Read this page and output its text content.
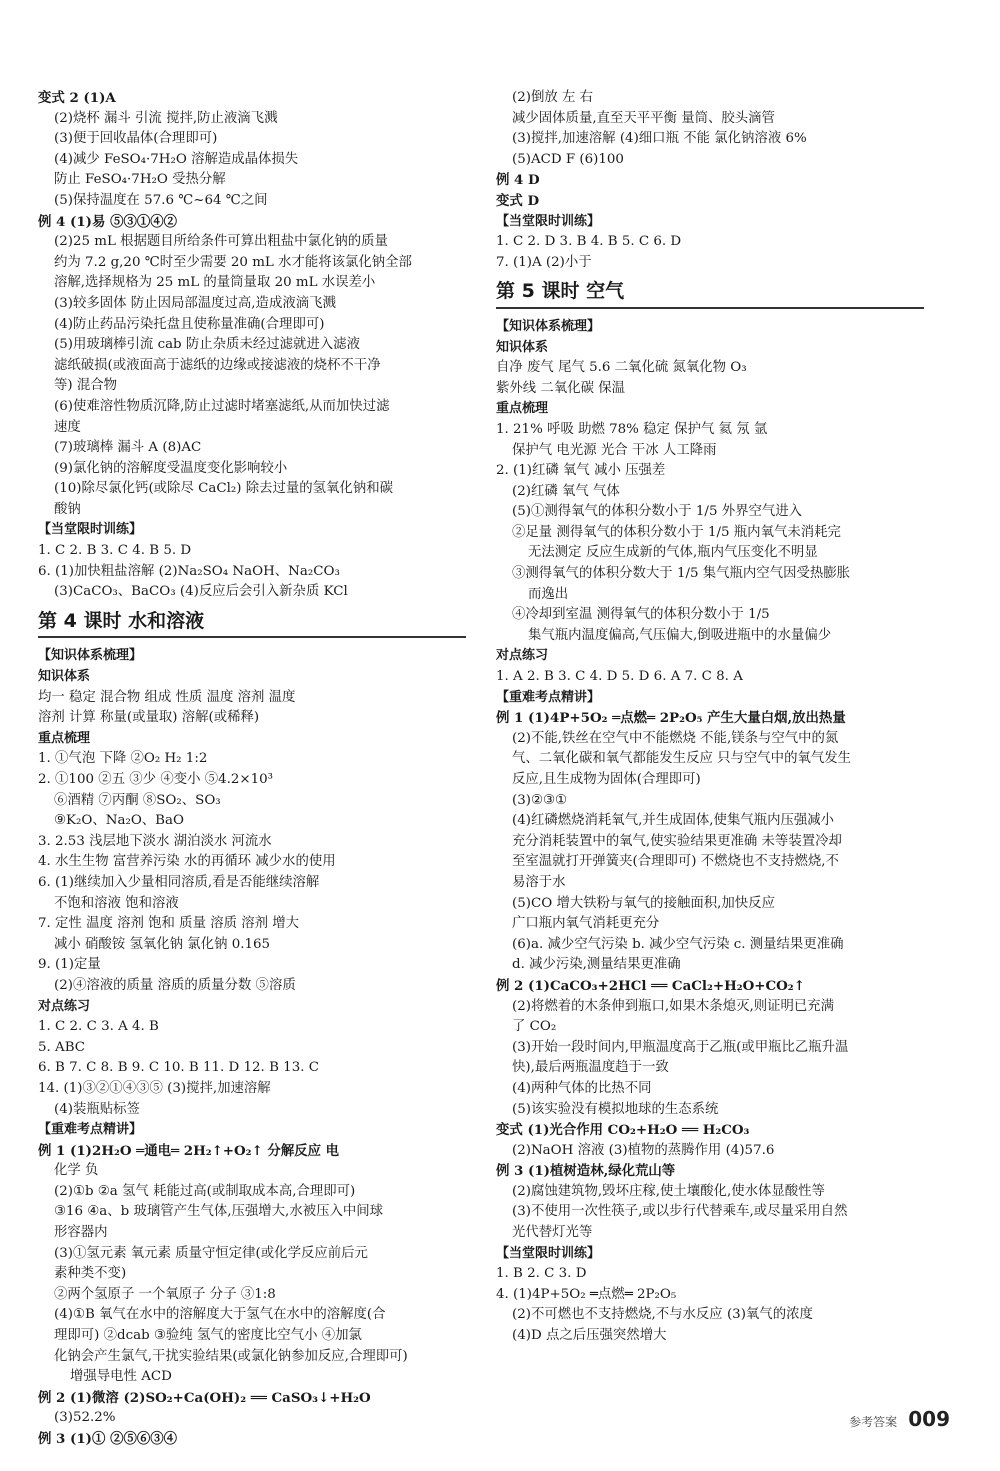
变式 2 (1)A
(2)烧杯 漏斗 引流 搅拌,防止液滴飞溅
(3)便于回收晶体(合理即可)
(4)减少 FeSO₄·7H₂O 溶解造成晶体损失
防止 FeSO₄·7H₂O 受热分解
(5)保持温度在 57.6 ℃~64 ℃之间
例 4 (1)易 ⑤③①④②
(2)25 mL 根据题目所给条件可算出粗盐中氯化钠的质量
约为 7.2 g,20 ℃时至少需要 20 mL 水才能将该氯化钠全部
溶解,选择规格为 25 mL 的量筒量取 20 mL 水误差小
(3)较多固体 防止因局部温度过高,造成液滴飞溅
(4)防止药品污染托盘且使称量准确(合理即可)
(5)用玻璃棒引流 cab 防止杂质未经过滤就进入滤液
滤纸破损(或液面高于滤纸的边缘或接滤液的烧杯不干净
等) 混合物
(6)使难溶性物质沉降,防止过滤时堵塞滤纸,从而加快过滤
速度
(7)玻璃棒 漏斗 A (8)AC
(9)氯化钠的溶解度受温度变化影响较小
(10)除尽氯化钙(或除尽 CaCl₂) 除去过量的氢氧化钠和碳
酸钠
【当堂限时训练】
1. C 2. B 3. C 4. B 5. D
6. (1)加快粗盐溶解 (2)Na₂SO₄ NaOH、Na₂CO₃
(3)CaCO₃、BaCO₃ (4)反应后会引入新杂质 KCl
第 4 课时 水和溶液
【知识体系梳理】
知识体系
均一 稳定 混合物 组成 性质 温度 溶剂 温度
溶剂 计算 称量(或量取) 溶解(或稀释)
重点梳理
1. ①气泡 下降 ②O₂ H₂ 1:2
2. ①100 ②五 ③少 ④变小 ⑤4.2×10³
⑥酒精 ⑦丙酮 ⑧SO₂、SO₃
⑨K₂O、Na₂O、BaO
3. 2.53 浅层地下淡水 湖泊淡水 河流水
4. 水生生物 富营养污染 水的再循环 减少水的使用
6. (1)继续加入少量相同溶质,看是否能继续溶解
不饱和溶液 饱和溶液
7. 定性 温度 溶剂 饱和 质量 溶质 溶剂 增大
减小 硝酸铵 氢氧化钠 氯化钠 0.165
9. (1)定量
(2)④溶液的质量 溶质的质量分数 ⑤溶质
对点练习
1. C 2. C 3. A 4. B
5. ABC
6. B 7. C 8. B 9. C 10. B 11. D 12. B 13. C
14. (1)③②①④③⑤ (3)搅拌,加速溶解
(4)装瓶贴标签
【重难考点精讲】
例 1 (1)2H₂O ═通电═ 2H₂↑+O₂↑ 分解反应 电
化学 负
(2)①b ②a 氢气 耗能过高(或制取成本高,合理即可)
③16 ④a、b 玻璃管产生气体,压强增大,水被压入中间球
形容器内
(3)①氢元素 氧元素 质量守恒定律(或化学反应前后元
素种类不变)
②两个氢原子 一个氧原子 分子 ③1:8
(4)①B 氧气在水中的溶解度大于氢气在水中的溶解度(合
理即可) ②dcab ③验纯 氢气的密度比空气小 ④加氯
化钠会产生氯气,干扰实验结果(或氯化钠参加反应,合理即可)
增强导电性 ACD
例 2 (1)微溶 (2)SO₂+Ca(OH)₂ ══ CaSO₃↓+H₂O
(3)52.2%
例 3 (1)① ②⑤⑥③④
(2)倒放 左 右
减少固体质量,直至天平平衡 量筒、胶头滴管
(3)搅拌,加速溶解 (4)细口瓶 不能 氯化钠溶液 6%
(5)ACD F (6)100
例 4 D
变式 D
【当堂限时训练】
1. C 2. D 3. B 4. B 5. C 6. D
7. (1)A (2)小于
第 5 课时 空气
【知识体系梳理】
知识体系
自净 废气 尾气 5.6 二氧化硫 氮氧化物 O₃
紫外线 二氧化碳 保温
重点梳理
1. 21% 呼吸 助燃 78% 稳定 保护气 氦 氖 氩
保护气 电光源 光合 干冰 人工降雨
2. (1)红磷 氧气 减小 压强差
(2)红磷 氧气 气体
(5)①测得氧气的体积分数小于 1/5 外界空气进入
②足量 测得氧气的体积分数小于 1/5 瓶内氧气未消耗完
无法测定 反应生成新的气体,瓶内气压变化不明显
③测得氧气的体积分数大于 1/5 集气瓶内空气因受热膨胀
而逸出
④冷却到室温 测得氧气的体积分数小于 1/5
集气瓶内温度偏高,气压偏大,倒吸进瓶中的水量偏少
对点练习
1. A 2. B 3. C 4. D 5. D 6. A 7. C 8. A
【重难考点精讲】
例 1 (1)4P+5O₂ ═点燃═ 2P₂O₅ 产生大量白烟,放出热量
(2)不能,铁丝在空气中不能燃烧 不能,镁条与空气中的氮
气、二氧化碳和氧气都能发生反应 只与空气中的氧气发生
反应,且生成物为固体(合理即可)
(3)②③①
(4)红磷燃烧消耗氧气,并生成固体,使集气瓶内压强减小
充分消耗装置中的氧气,使实验结果更准确 未等装置冷却
至室温就打开弹簧夹(合理即可) 不燃烧也不支持燃烧,不
易溶于水
(5)CO 增大铁粉与氧气的接触面积,加快反应
广口瓶内氧气消耗更充分
(6)a. 减少空气污染 b. 减少空气污染 c. 测量结果更准确
d. 减少污染,测量结果更准确
例 2 (1)CaCO₃+2HCl ══ CaCl₂+H₂O+CO₂↑
(2)将燃着的木条伸到瓶口,如果木条熄灭,则证明已充满
了 CO₂
(3)开始一段时间内,甲瓶温度高于乙瓶(或甲瓶比乙瓶升温
快),最后两瓶温度趋于一致
(4)两种气体的比热不同
(5)该实验没有模拟地球的生态系统
变式 (1)光合作用 CO₂+H₂O ══ H₂CO₃
(2)NaOH 溶液 (3)植物的蒸腾作用 (4)57.6
例 3 (1)植树造林,绿化荒山等
(2)腐蚀建筑物,毁坏庄稼,使土壤酸化,使水体显酸性等
(3)不使用一次性筷子,或以步行代替乘车,或尽量采用自然
光代替灯光等
【当堂限时训练】
1. B 2. C 3. D
4. (1)4P+5O₂ ═点燃═ 2P₂O₅
(2)不可燃也不支持燃烧,不与水反应 (3)氧气的浓度
(4)D 点之后压强突然增大
参考答案 009
